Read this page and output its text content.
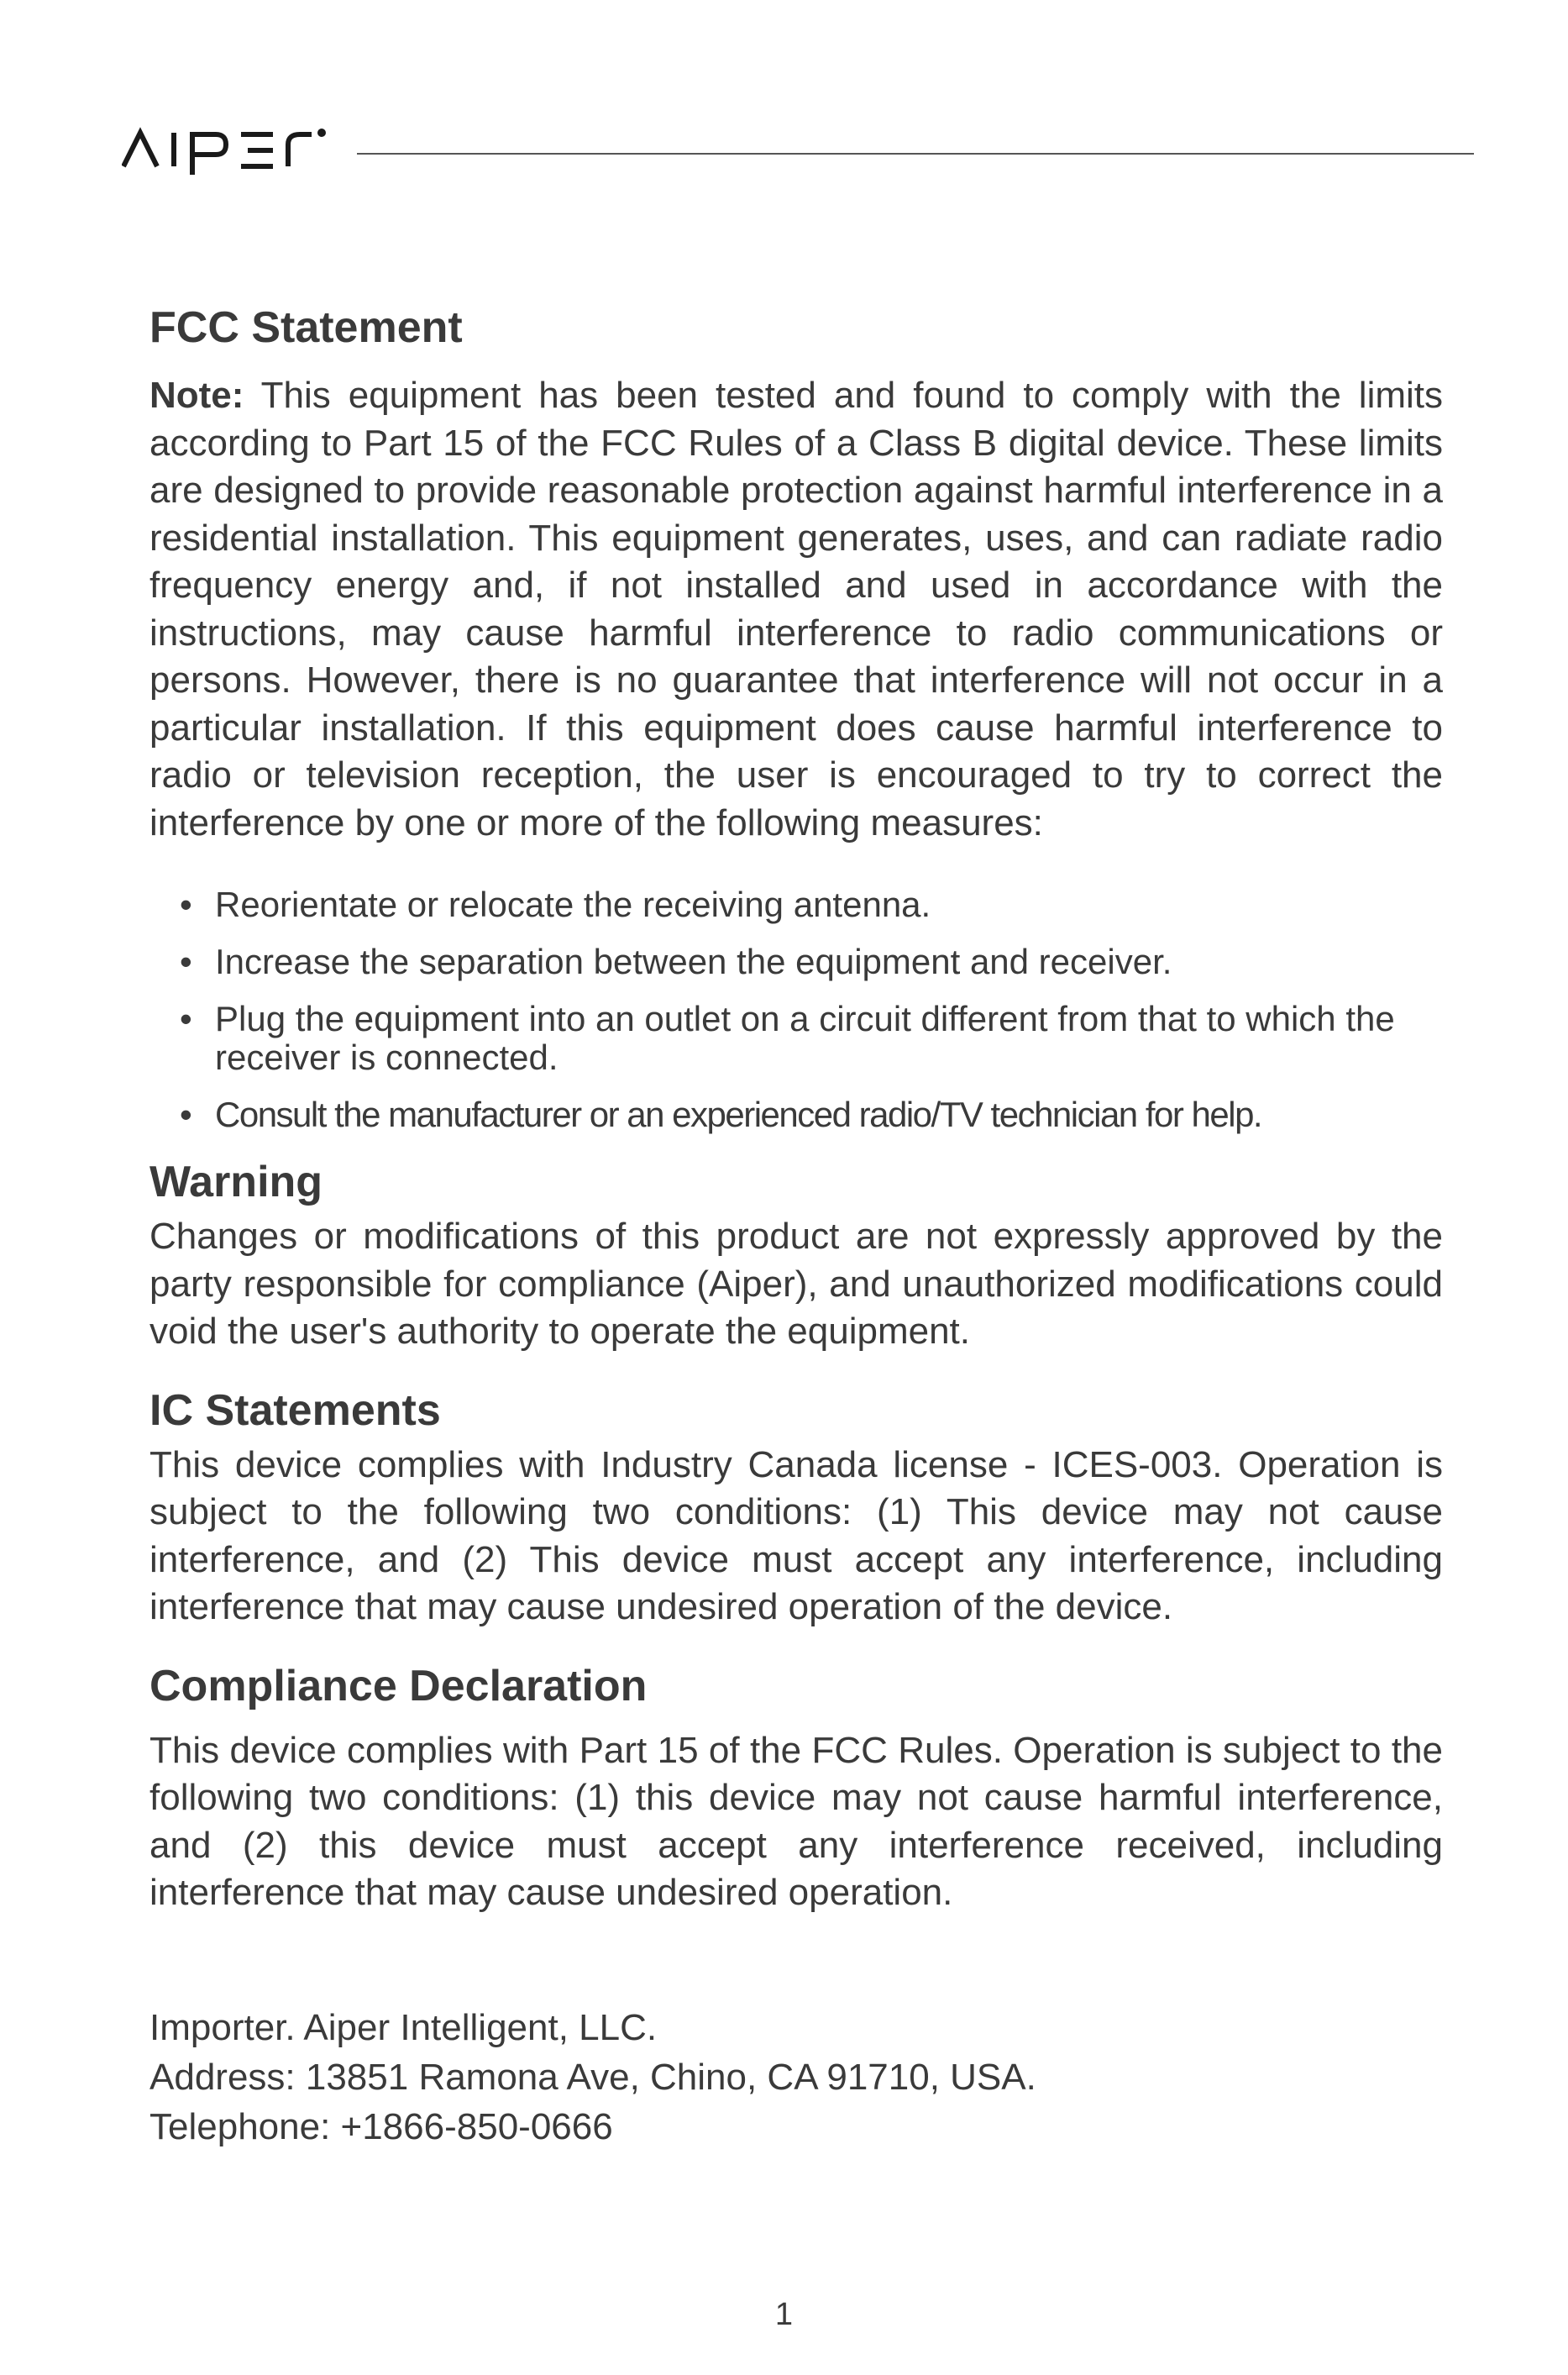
FCC Statement

Note: This equipment has been tested and found to comply with the limits according to Part 15 of the FCC Rules of a Class B digital device. These limits are designed to provide reasonable protection against harmful interference in a residential installation. This equipment generates, uses, and can radiate radio frequency energy and, if not installed and used in accordance with the instructions, may cause harmful interference to radio communications or persons. However, there is no guarantee that interference will not occur in a particular installation. If this equipment does cause harmful interference to radio or television reception, the user is encouraged to try to correct the interference by one or more of the following measures:

• Reorientate or relocate the receiving antenna.
• Increase the separation between the equipment and receiver.
• Plug the equipment into an outlet on a circuit different from that to which the receiver is connected.
• Consult the manufacturer or an experienced radio/TV technician for help.
Warning

Changes or modifications of this product are not expressly approved by the party responsible for compliance (Aiper), and unauthorized modifications could void the user's authority to operate the equipment.

IC Statements

This device complies with Industry Canada license - ICES-003. Operation is subject to the following two conditions: (1) This device may not cause interference, and (2) This device must accept any interference, including interference that may cause undesired operation of the device.

Compliance Declaration

This device complies with Part 15 of the FCC Rules. Operation is subject to the following two conditions: (1) this device may not cause harmful interference, and (2) this device must accept any interference received, including interference that may cause undesired operation.

Importer. Aiper Intelligent, LLC.
Address: 13851 Ramona Ave, Chino, CA 91710, USA.
Telephone: +1866-850-0666
1
